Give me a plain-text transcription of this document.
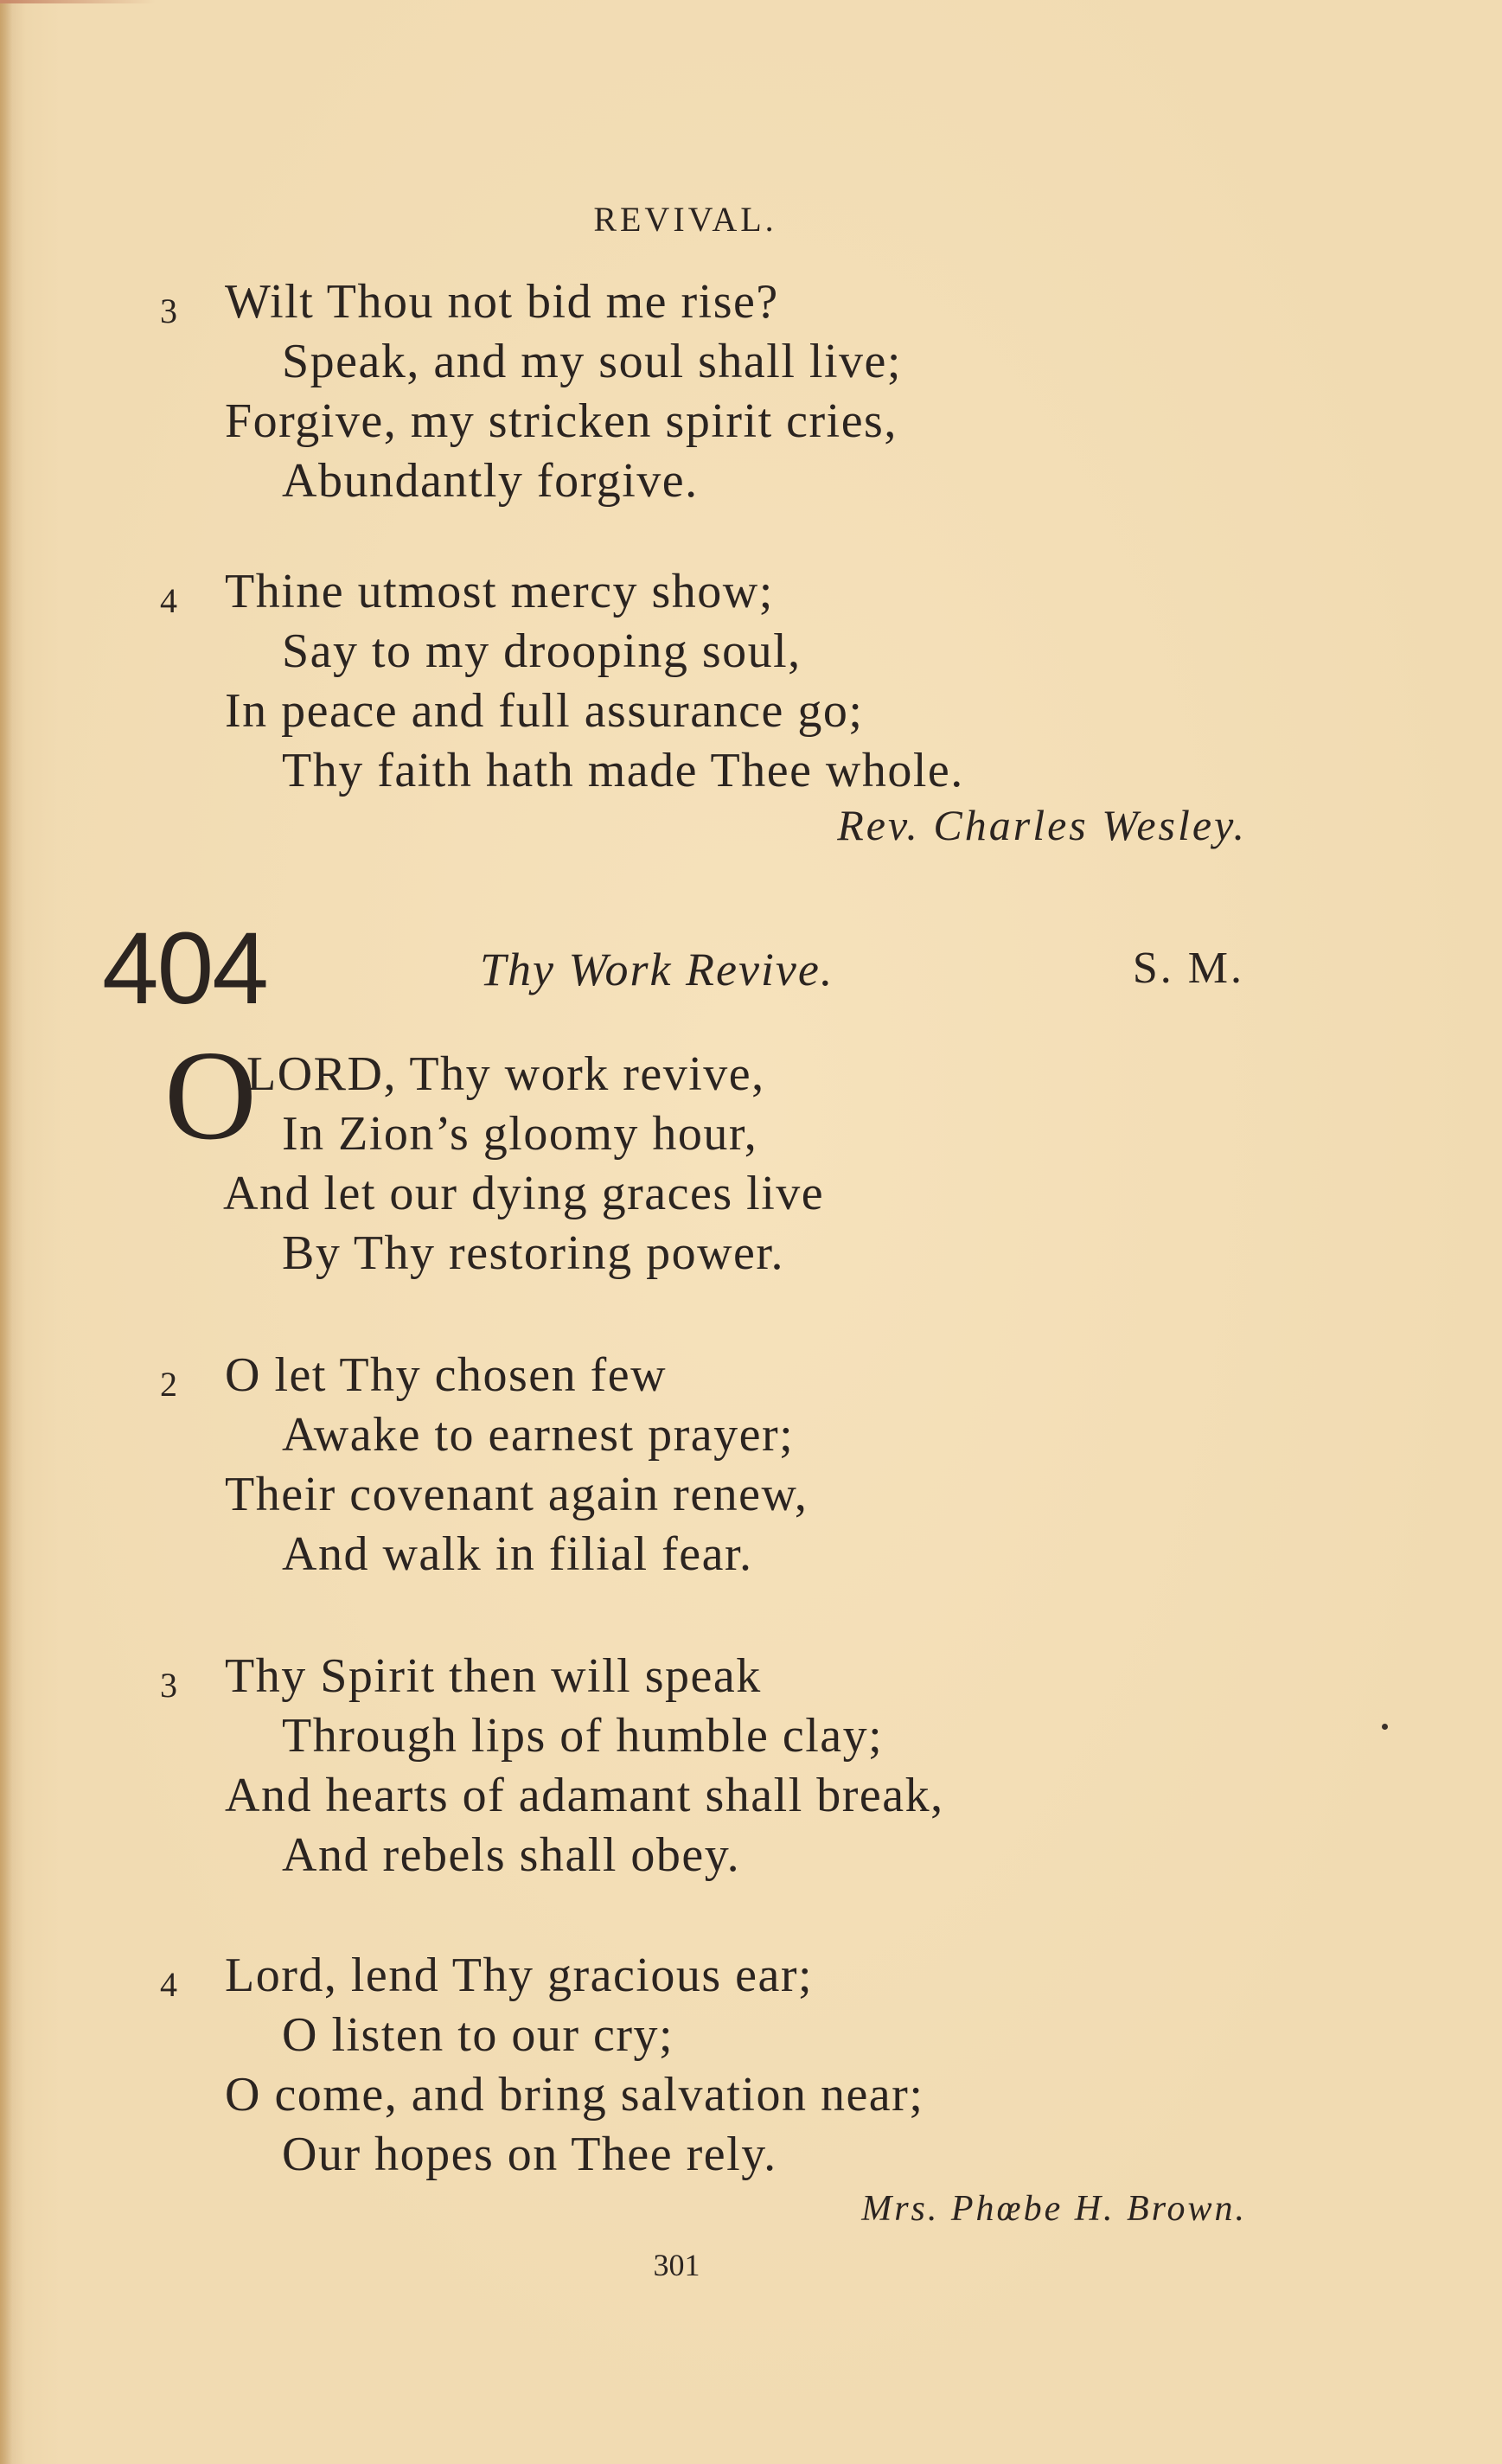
REVIVAL.
3 Wilt Thou not bid me rise?
Speak, and my soul shall live;
Forgive, my stricken spirit cries,
Abundantly forgive.
4 Thine utmost mercy show;
Say to my drooping soul,
In peace and full assurance go;
Thy faith hath made Thee whole.
Rev. Charles Wesley.
404	Thy Work Revive.	S. M.
O
LORD, Thy work revive,
In Zion’s gloomy hour,
And let our dying graces live
By Thy restoring power.
2 O let Thy chosen few
Awake to earnest prayer;
Their covenant again renew,
And walk in filial fear.
3 Thy Spirit then will speak
Through lips of humble clay;
And hearts of adamant shall break,
And rebels shall obey.
4 Lord, lend Thy gracious ear;
O listen to our cry;
O come, and bring salvation near;
Our hopes on Thee rely.
Mrs. Phœbe H. Brown.
301
